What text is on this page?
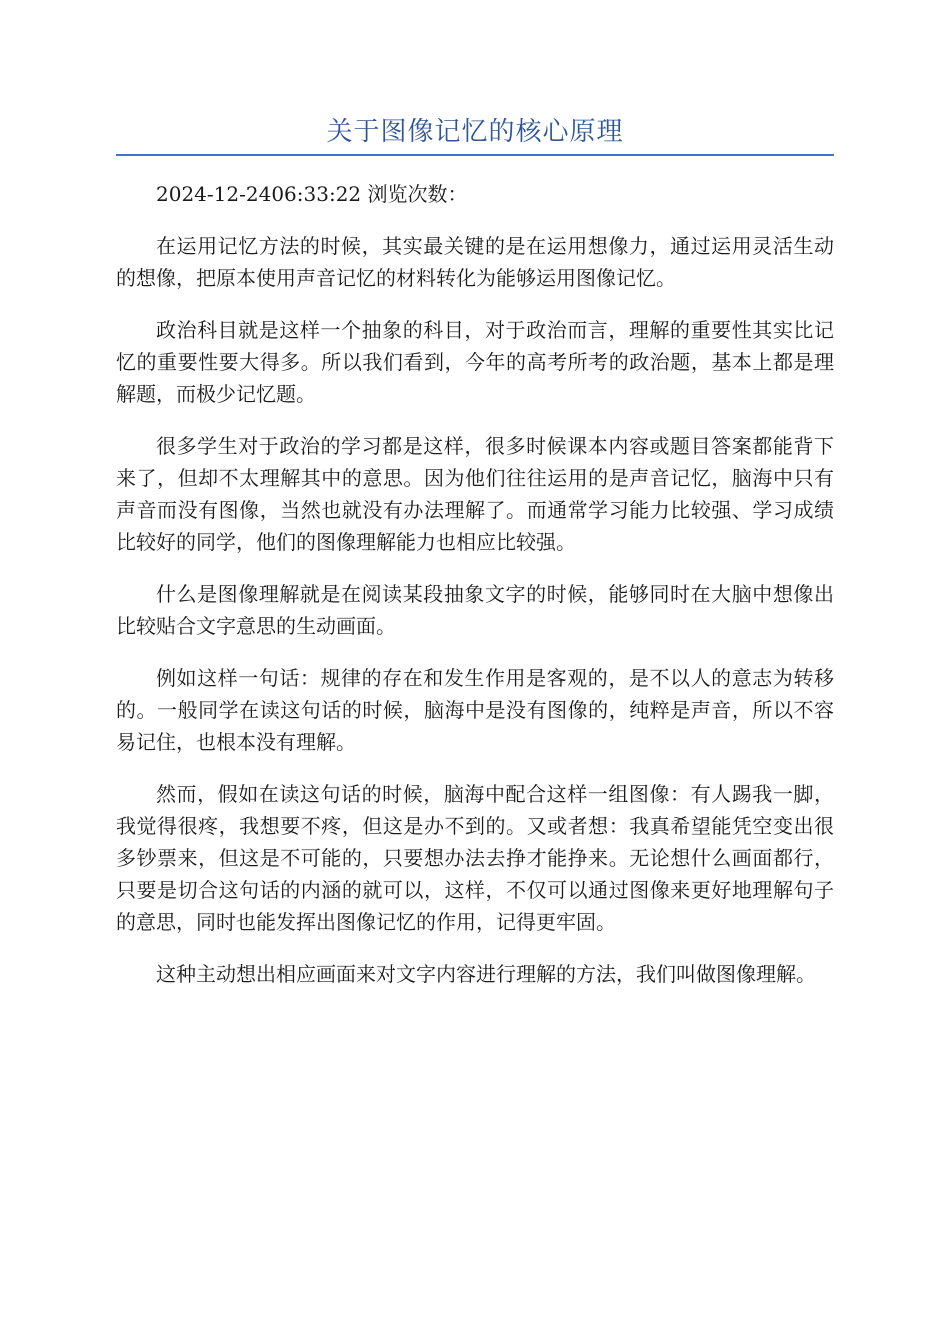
关于图像记忆的核心原理

2024-12-2406:33:22 浏览次数：

在运用记忆方法的时候，其实最关键的是在运用想像力，通过运用灵活生动的想像，把原本使用声音记忆的材料转化为能够运用图像记忆。

政治科目就是这样一个抽象的科目，对于政治而言，理解的重要性其实比记忆的重要性要大得多。所以我们看到，今年的高考所考的政治题，基本上都是理解题，而极少记忆题。

很多学生对于政治的学习都是这样，很多时候课本内容或题目答案都能背下来了，但却不太理解其中的意思。因为他们往往运用的是声音记忆，脑海中只有声音而没有图像，当然也就没有办法理解了。而通常学习能力比较强、学习成绩比较好的同学，他们的图像理解能力也相应比较强。

什么是图像理解就是在阅读某段抽象文字的时候，能够同时在大脑中想像出比较贴合文字意思的生动画面。

例如这样一句话：规律的存在和发生作用是客观的，是不以人的意志为转移的。一般同学在读这句话的时候，脑海中是没有图像的，纯粹是声音，所以不容易记住，也根本没有理解。

然而，假如在读这句话的时候，脑海中配合这样一组图像：有人踢我一脚，我觉得很疼，我想要不疼，但这是办不到的。又或者想：我真希望能凭空变出很多钞票来，但这是不可能的，只要想办法去挣才能挣来。无论想什么画面都行，只要是切合这句话的内涵的就可以，这样，不仅可以通过图像来更好地理解句子的意思，同时也能发挥出图像记忆的作用，记得更牢固。

这种主动想出相应画面来对文字内容进行理解的方法，我们叫做图像理解。
